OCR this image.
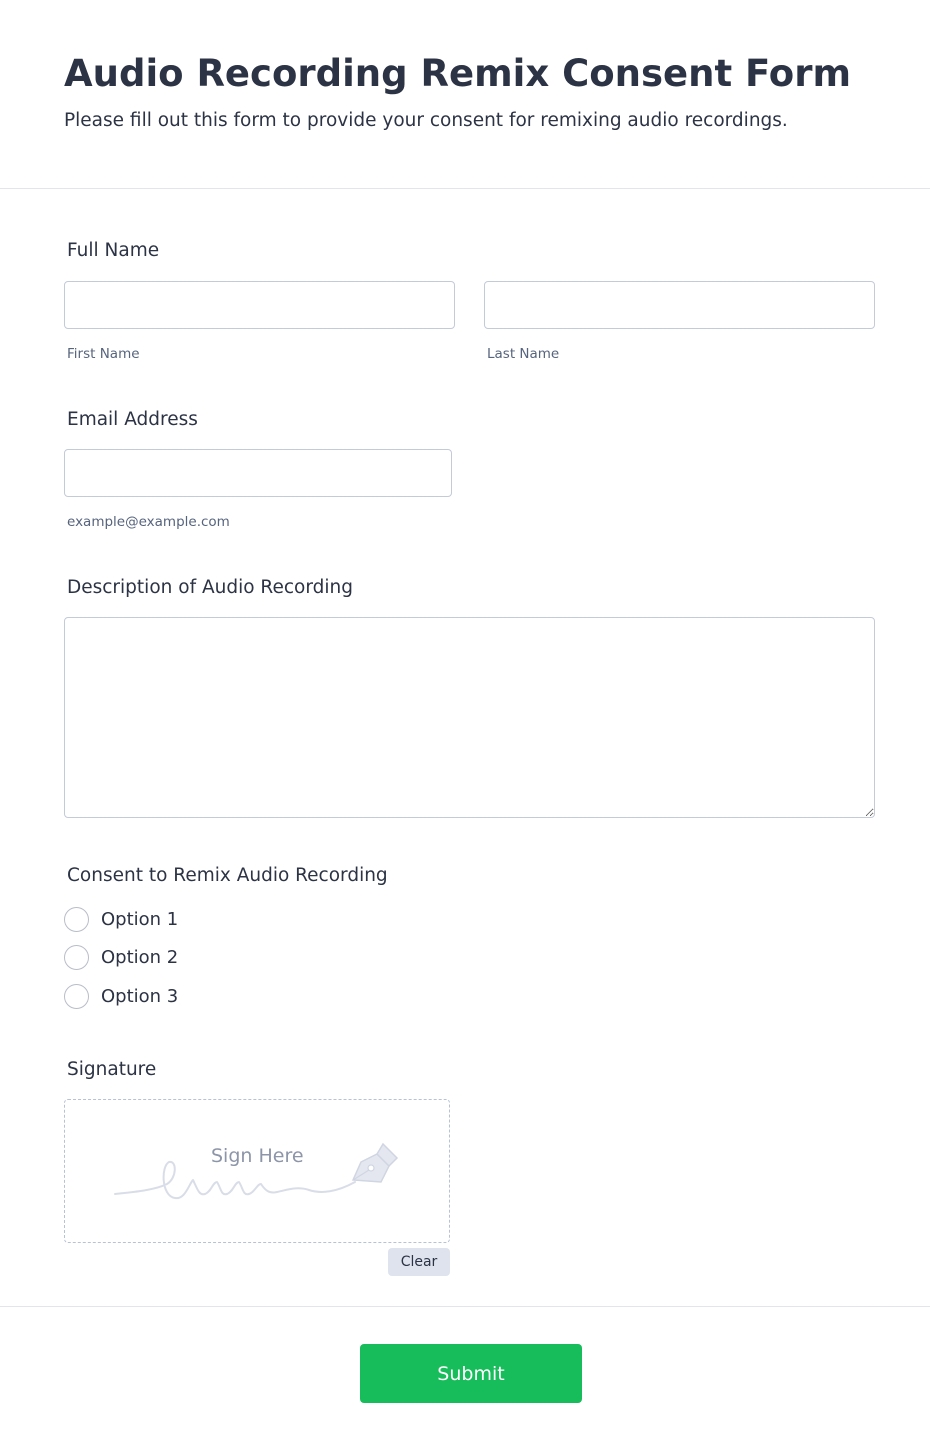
Audio Recording Remix Consent Form

Please fill out this form to provide your consent for remixing audio recordings.

Full Name
First Name	Last Name
Email Address
example@example.com
Description of Audio Recording
Consent to Remix Audio Recording
Option 1
Option 2
Option 3
Signature
Sign Here
Clear
Submit
